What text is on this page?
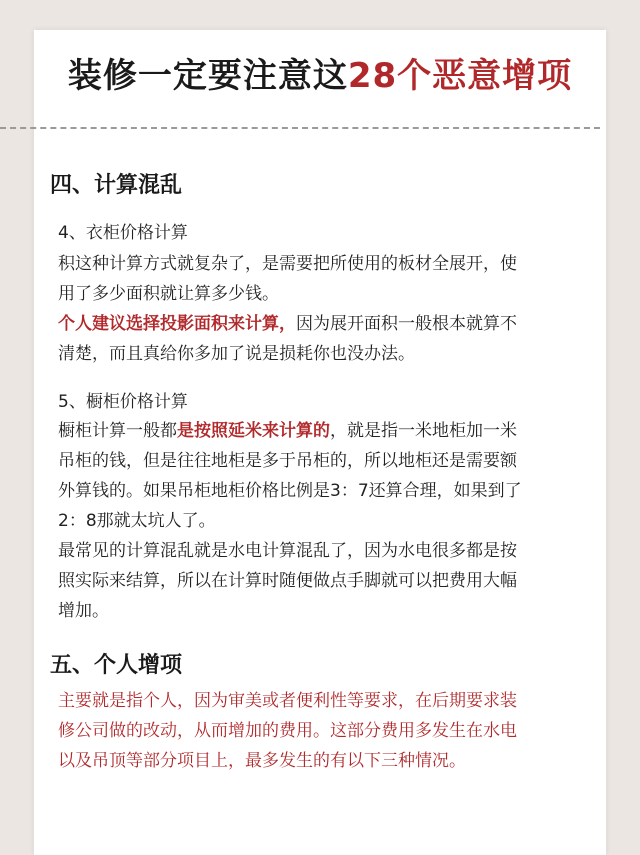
装修一定要注意这28个恶意增项
四、计算混乱
4、衣柜价格计算
积这种计算方式就复杂了，是需要把所使用的板材全展开，使
用了多少面积就让算多少钱。
个人建议选择投影面积来计算，因为展开面积一般根本就算不
清楚，而且真给你多加了说是损耗你也没办法。
5、橱柜价格计算
橱柜计算一般都是按照延米来计算的，就是指一米地柜加一米
吊柜的钱，但是往往地柜是多于吊柜的，所以地柜还是需要额
外算钱的。如果吊柜地柜价格比例是3：7还算合理，如果到了
2：8那就太坑人了。
最常见的计算混乱就是水电计算混乱了，因为水电很多都是按
照实际来结算，所以在计算时随便做点手脚就可以把费用大幅
增加。
五、个人增项
主要就是指个人，因为审美或者便利性等要求，在后期要求装
修公司做的改动，从而增加的费用。这部分费用多发生在水电
以及吊顶等部分项目上，最多发生的有以下三种情况。
